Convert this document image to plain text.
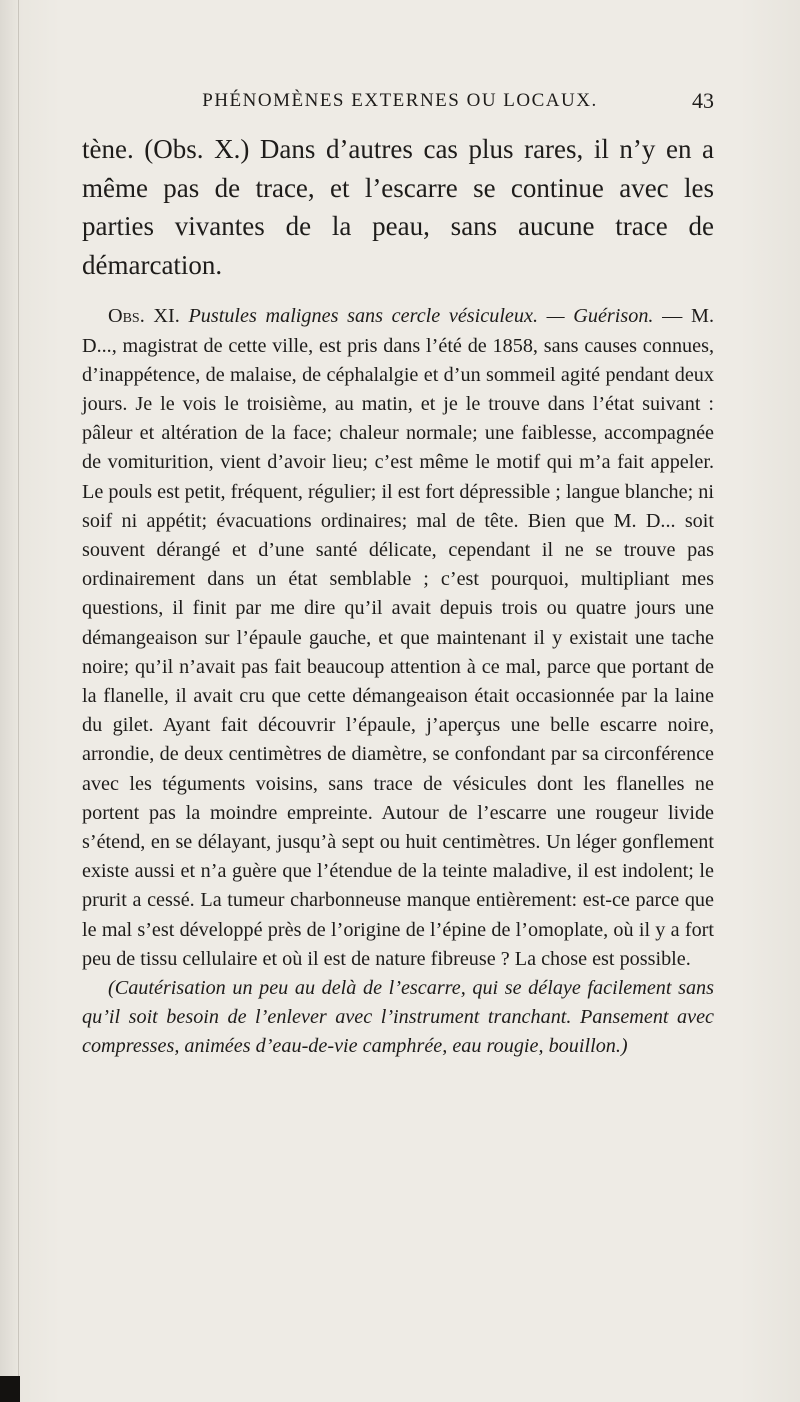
PHÉNOMÈNES EXTERNES OU LOCAUX.	43

tène. (Obs. X.) Dans d’autres cas plus rares, il n’y en a même pas de trace, et l’escarre se continue avec les parties vivantes de la peau, sans aucune trace de démarcation.

Obs. XI. Pustules malignes sans cercle vésiculeux. — Guérison. — M. D..., magistrat de cette ville, est pris dans l’été de 1858, sans causes connues, d’inappétence, de malaise, de céphalalgie et d’un sommeil agité pendant deux jours. Je le vois le troisième, au matin, et je le trouve dans l’état suivant : pâleur et altération de la face; chaleur normale; une faiblesse, accompagnée de vomiturition, vient d’avoir lieu; c’est même le motif qui m’a fait appeler. Le pouls est petit, fréquent, régulier; il est fort dépressible ; langue blanche; ni soif ni appétit; évacuations ordinaires; mal de tête. Bien que M. D... soit souvent dérangé et d’une santé délicate, cependant il ne se trouve pas ordinairement dans un état semblable ; c’est pourquoi, multipliant mes questions, il finit par me dire qu’il avait depuis trois ou quatre jours une démangeaison sur l’épaule gauche, et que maintenant il y existait une tache noire; qu’il n’avait pas fait beaucoup attention à ce mal, parce que portant de la flanelle, il avait cru que cette démangeaison était occasionnée par la laine du gilet. Ayant fait découvrir l’épaule, j’aperçus une belle escarre noire, arrondie, de deux centimètres de diamètre, se confondant par sa circonférence avec les téguments voisins, sans trace de vésicules dont les flanelles ne portent pas la moindre empreinte. Autour de l’escarre une rougeur livide s’étend, en se délayant, jusqu’à sept ou huit centimètres. Un léger gonflement existe aussi et n’a guère que l’étendue de la teinte maladive, il est indolent; le prurit a cessé. La tumeur charbonneuse manque entièrement: est-ce parce que le mal s’est développé près de l’origine de l’épine de l’omoplate, où il y a fort peu de tissu cellulaire et où il est de nature fibreuse ? La chose est possible.

(Cautérisation un peu au delà de l’escarre, qui se délaye facilement sans qu’il soit besoin de l’enlever avec l’instrument tranchant. Pansement avec compresses, animées d’eau-de-vie camphrée, eau rougie, bouillon.)
